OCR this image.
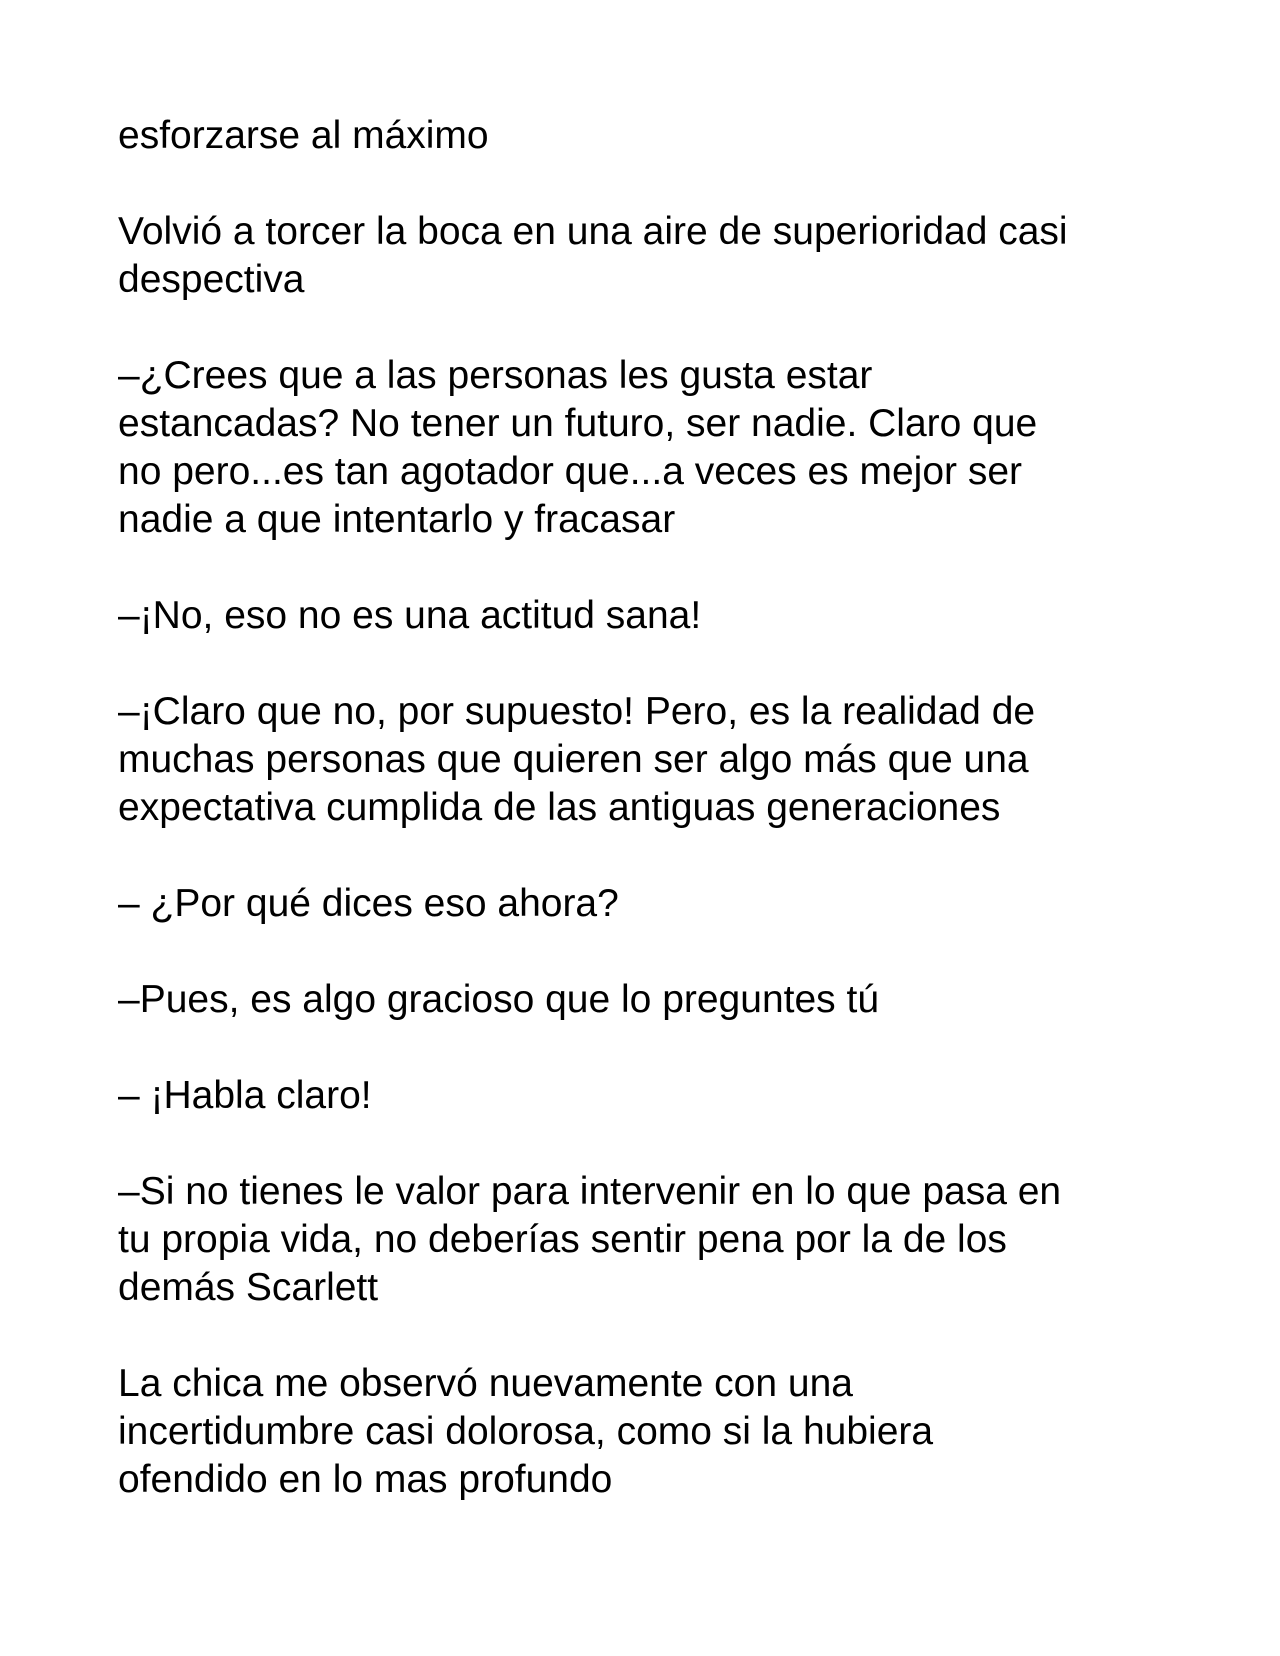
esforzarse al máximo

Volvió a torcer la boca en una aire de superioridad casi
despectiva

–¿Crees que a las personas les gusta estar
estancadas? No tener un futuro, ser nadie. Claro que
no pero...es tan agotador que...a veces es mejor ser
nadie a que intentarlo y fracasar

–¡No, eso no es una actitud sana!

–¡Claro que no, por supuesto! Pero, es la realidad de
muchas personas que quieren ser algo más que una
expectativa cumplida de las antiguas generaciones

– ¿Por qué dices eso ahora?

–Pues, es algo gracioso que lo preguntes tú

– ¡Habla claro!

–Si no tienes le valor para intervenir en lo que pasa en
tu propia vida, no deberías sentir pena por la de los
demás Scarlett

La chica me observó nuevamente con una
incertidumbre casi dolorosa, como si la hubiera
ofendido en lo mas profundo
